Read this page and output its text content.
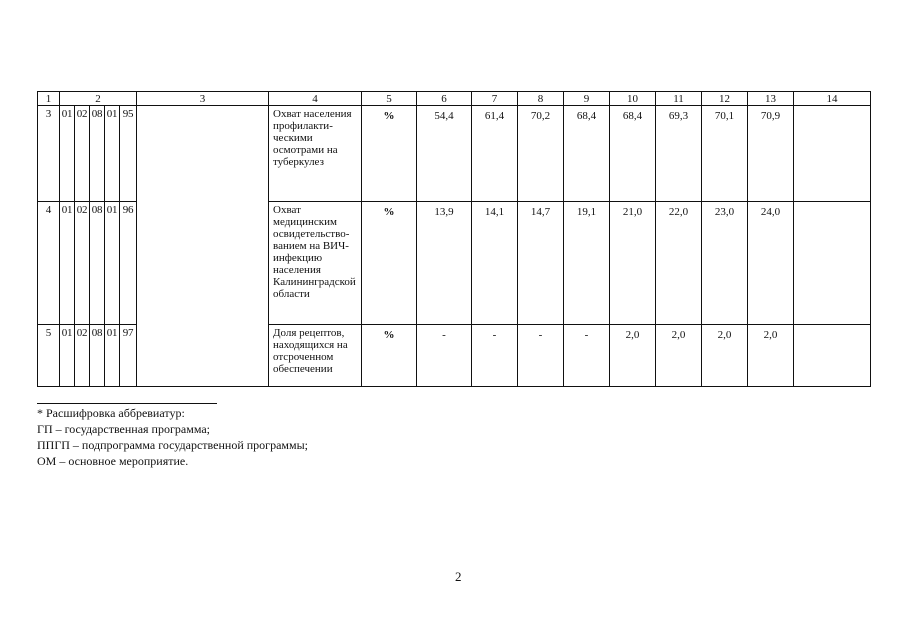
1	2					3	4	5	6	7	8	9	10	11	12	13	14
3	01	02	08	01	95		Охват населения профилактическими осмотрами на туберкулез	%	54,4	61,4	70,2	68,4	68,4	69,3	70,1	70,9	
4	01	02	08	01	96		Охват медицинским освидетельствованием на ВИЧ-инфекцию населения Калининградской области	%	13,9	14,1	14,7	19,1	21,0	22,0	23,0	24,0	
5	01	02	08	01	97		Доля рецептов, находящихся на отсроченном обеспечении	%	-	-	-	-	2,0	2,0	2,0	2,0	
* Расшифровка аббревиатур:
ГП – государственная программа;
ППГП – подпрограмма государственной программы;
ОМ – основное мероприятие.
2
